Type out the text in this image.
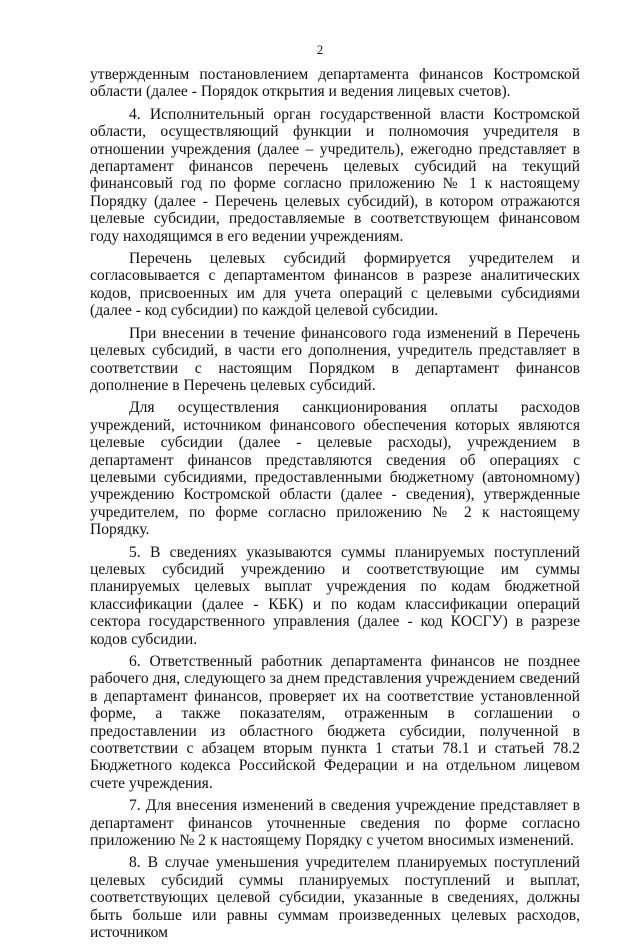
2

утвержденным постановлением департамента финансов Костромской области (далее - Порядок открытия и ведения лицевых счетов).

4. Исполнительный орган государственной власти Костромской области, осуществляющий функции и полномочия учредителя в отношении учреждения (далее – учредитель), ежегодно представляет в департамент финансов перечень целевых субсидий на текущий финансовый год по форме согласно приложению № 1 к настоящему Порядку (далее - Перечень целевых субсидий), в котором отражаются целевые субсидии, предоставляемые в соответствующем финансовом году находящимся в его ведении учреждениям.

Перечень целевых субсидий формируется учредителем и согласовывается с департаментом финансов в разрезе аналитических кодов, присвоенных им для учета операций с целевыми субсидиями (далее - код субсидии) по каждой целевой субсидии.

При внесении в течение финансового года изменений в Перечень целевых субсидий, в части его дополнения, учредитель представляет в соответствии с настоящим Порядком в департамент финансов дополнение в Перечень целевых субсидий.

Для осуществления санкционирования оплаты расходов учреждений, источником финансового обеспечения которых являются целевые субсидии (далее - целевые расходы), учреждением в департамент финансов представляются сведения об операциях с целевыми субсидиями, предоставленными бюджетному (автономному) учреждению Костромской области (далее - сведения), утвержденные учредителем, по форме согласно приложению № 2 к настоящему Порядку.

5. В сведениях указываются суммы планируемых поступлений целевых субсидий учреждению и соответствующие им суммы планируемых целевых выплат учреждения по кодам бюджетной классификации (далее - КБК) и по кодам классификации операций сектора государственного управления (далее - код КОСГУ) в разрезе кодов субсидии.

6. Ответственный работник департамента финансов не позднее рабочего дня, следующего за днем представления учреждением сведений в департамент финансов, проверяет их на соответствие установленной форме, а также показателям, отраженным в соглашении о предоставлении из областного бюджета субсидии, полученной в соответствии с абзацем вторым пункта 1 статьи 78.1 и статьей 78.2 Бюджетного кодекса Российской Федерации и на отдельном лицевом счете учреждения.

7. Для внесения изменений в сведения учреждение представляет в департамент финансов уточненные сведения по форме согласно приложению № 2 к настоящему Порядку с учетом вносимых изменений.

8. В случае уменьшения учредителем планируемых поступлений целевых субсидий суммы планируемых поступлений и выплат, соответствующих целевой субсидии, указанные в сведениях, должны быть больше или равны суммам произведенных целевых расходов, источником
